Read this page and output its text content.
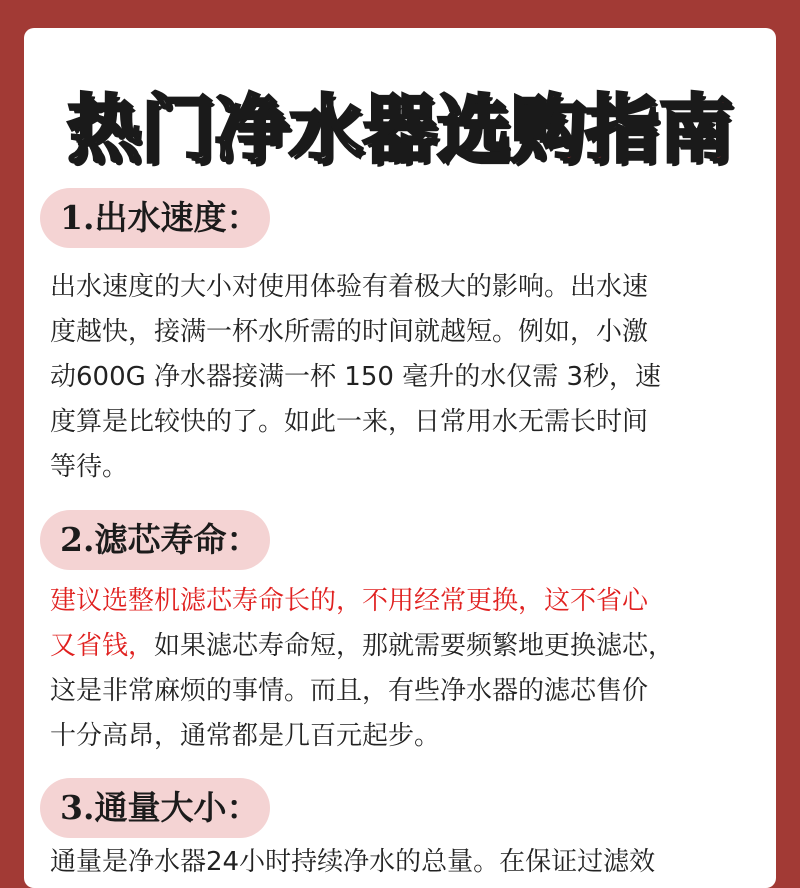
热门净水器选购指南
1.出水速度：
出水速度的大小对使用体验有着极大的影响。出水速
度越快，接满一杯水所需的时间就越短。例如，小激
动600G 净水器接满一杯 150 毫升的水仅需 3秒，速
度算是比较快的了。如此一来，日常用水无需长时间
等待。
2.滤芯寿命：
建议选整机滤芯寿命长的，不用经常更换，这不省心
又省钱，如果滤芯寿命短，那就需要频繁地更换滤芯，
这是非常麻烦的事情。而且，有些净水器的滤芯售价
十分高昂，通常都是几百元起步。
3.通量大小：
通量是净水器24小时持续净水的总量。在保证过滤效
